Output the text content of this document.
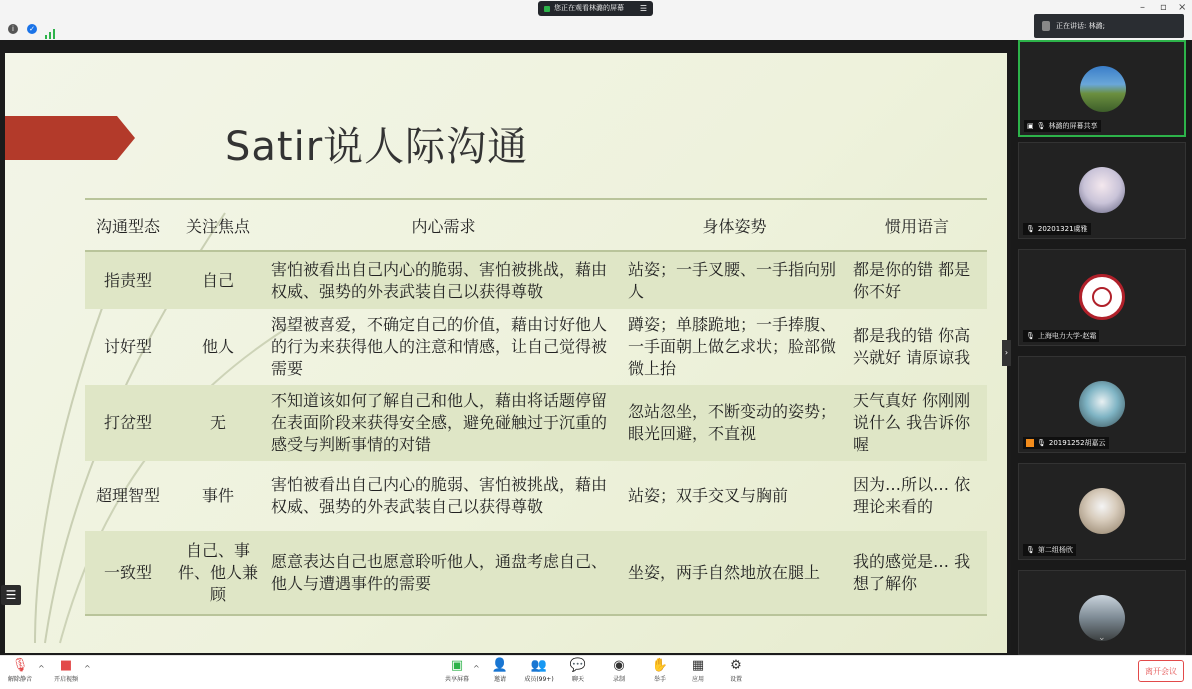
您正在观看林潞的屏幕 ☰	– ▫ ×
i	✓	正在讲话: 林潞;
Satir说人际沟通
沟通型态	关注焦点	内心需求	身体姿势	惯用语言
指责型	自己	害怕被看出自己内心的脆弱、害怕被挑战，藉由权威、强势的外表武装自己以获得尊敬	站姿；一手叉腰、一手指向别人	都是你的错 都是你不好
讨好型	他人	渴望被喜爱，不确定自己的价值，藉由讨好他人的行为来获得他人的注意和情感，让自己觉得被需要	蹲姿；单膝跪地；一手捧腹、一手面朝上做乞求状；脸部微微上抬	都是我的错 你高兴就好 请原谅我
打岔型	无	不知道该如何了解自己和他人，藉由将话题停留在表面阶段来获得安全感，避免碰触过于沉重的感受与判断事情的对错	忽站忽坐，不断变动的姿势；眼光回避，不直视	天气真好 你刚刚说什么 我告诉你喔
超理智型	事件	害怕被看出自己内心的脆弱、害怕被挑战，藉由权威、强势的外表武装自己以获得尊敬	站姿；双手交叉与胸前	因为…所以… 依理论来看的
一致型	自己、事件、他人兼顾	愿意表达自己也愿意聆听他人，通盘考虑自己、他人与遭遇事件的需要	坐姿，两手自然地放在腿上	我的感觉是… 我想了解你
☰
›
▣ 🎙 林潞的屏幕共享
🎙 20201321虞雅
🎙 上海电力大学-赵霜
🎙 20191252胡嘉云
🎙 第二组杨欣
⌄
🎙
解除静音
^	■
开启视频
^	▣
共享屏幕
^ 👤
邀请
👥
成员(99+)
💬
聊天
◉
录制
✋
举手
▦
应用
⚙
设置
离开会议
